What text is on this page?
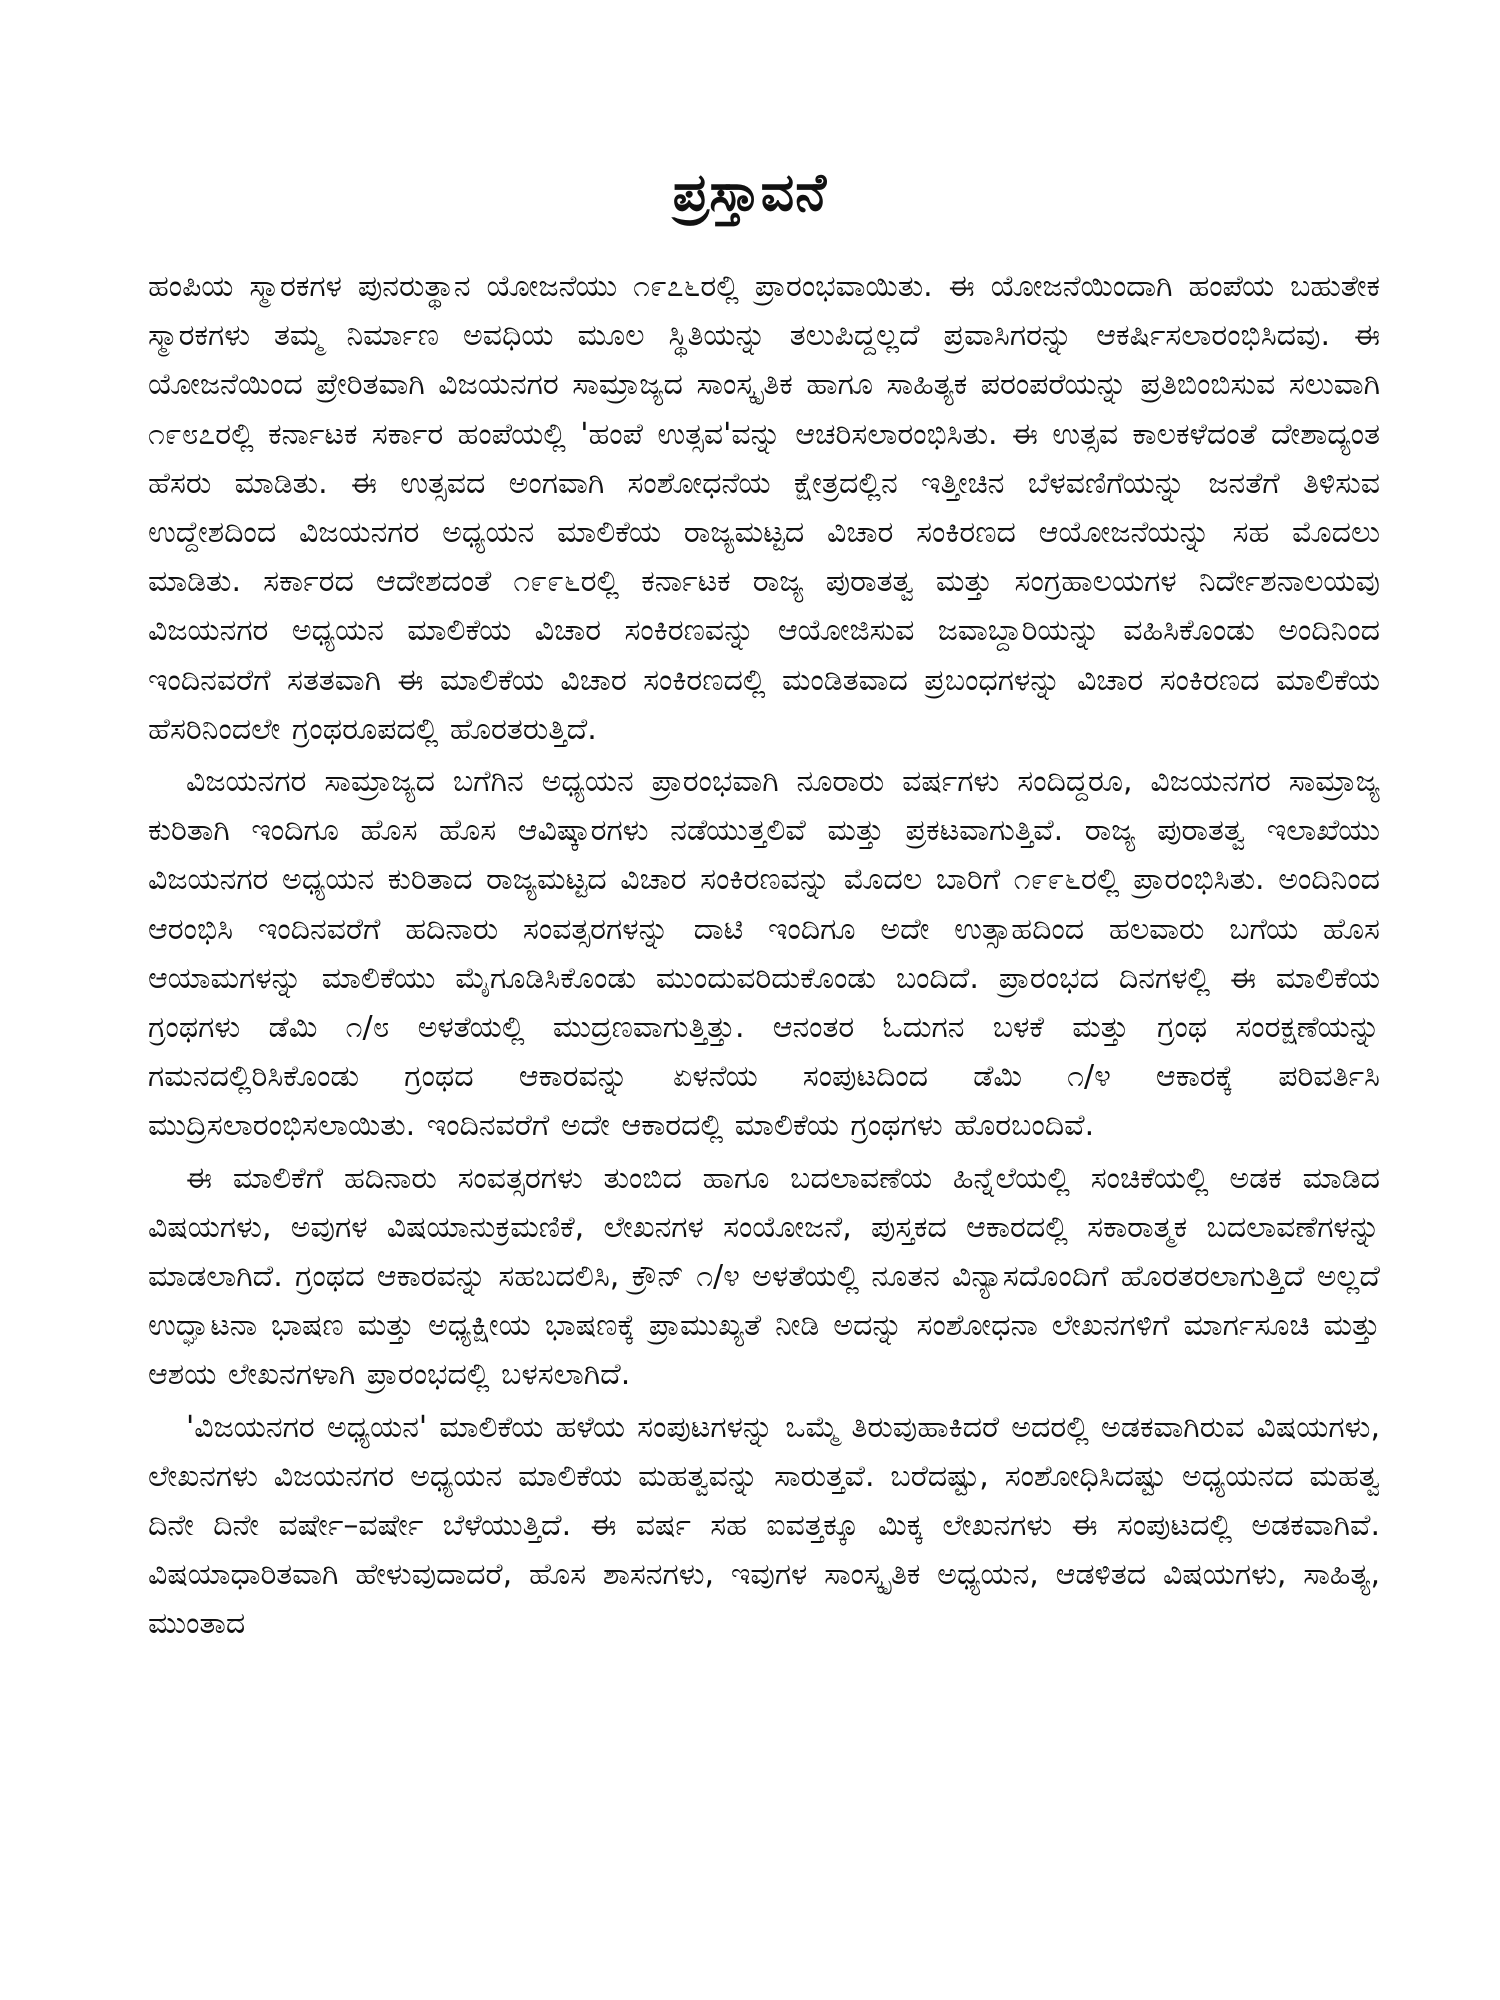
ಪ್ರಸ್ತಾವನೆ

ಹಂಪಿಯ ಸ್ಮಾರಕಗಳ ಪುನರುತ್ಥಾನ ಯೋಜನೆಯು ೧೯೭೬ರಲ್ಲಿ ಪ್ರಾರಂಭವಾಯಿತು. ಈ ಯೋಜನೆಯಿಂದಾಗಿ ಹಂಪೆಯ ಬಹುತೇಕ ಸ್ಮಾರಕಗಳು ತಮ್ಮ ನಿರ್ಮಾಣ ಅವಧಿಯ ಮೂಲ ಸ್ಥಿತಿಯನ್ನು ತಲುಪಿದ್ದಲ್ಲದೆ ಪ್ರವಾಸಿಗರನ್ನು ಆಕರ್ಷಿಸಲಾರಂಭಿಸಿದವು. ಈ ಯೋಜನೆಯಿಂದ ಪ್ರೇರಿತವಾಗಿ ವಿಜಯನಗರ ಸಾಮ್ರಾಜ್ಯದ ಸಾಂಸ್ಕೃತಿಕ ಹಾಗೂ ಸಾಹಿತ್ಯಕ ಪರಂಪರೆಯನ್ನು ಪ್ರತಿಬಿಂಬಿಸುವ ಸಲುವಾಗಿ ೧೯೮೭ರಲ್ಲಿ ಕರ್ನಾಟಕ ಸರ್ಕಾರ ಹಂಪೆಯಲ್ಲಿ 'ಹಂಪೆ ಉತ್ಸವ'ವನ್ನು ಆಚರಿಸಲಾರಂಭಿಸಿತು. ಈ ಉತ್ಸವ ಕಾಲಕಳೆದಂತೆ ದೇಶಾದ್ಯಂತ ಹೆಸರು ಮಾಡಿತು. ಈ ಉತ್ಸವದ ಅಂಗವಾಗಿ ಸಂಶೋಧನೆಯ ಕ್ಷೇತ್ರದಲ್ಲಿನ ಇತ್ತೀಚಿನ ಬೆಳವಣಿಗೆಯನ್ನು ಜನತೆಗೆ ತಿಳಿಸುವ ಉದ್ದೇಶದಿಂದ ವಿಜಯನಗರ ಅಧ್ಯಯನ ಮಾಲಿಕೆಯ ರಾಜ್ಯಮಟ್ಟದ ವಿಚಾರ ಸಂಕಿರಣದ ಆಯೋಜನೆಯನ್ನು ಸಹ ಮೊದಲು ಮಾಡಿತು. ಸರ್ಕಾರದ ಆದೇಶದಂತೆ ೧೯೯೬ರಲ್ಲಿ ಕರ್ನಾಟಕ ರಾಜ್ಯ ಪುರಾತತ್ವ ಮತ್ತು ಸಂಗ್ರಹಾಲಯಗಳ ನಿರ್ದೇಶನಾಲಯವು ವಿಜಯನಗರ ಅಧ್ಯಯನ ಮಾಲಿಕೆಯ ವಿಚಾರ ಸಂಕಿರಣವನ್ನು ಆಯೋಜಿಸುವ ಜವಾಬ್ದಾರಿಯನ್ನು ವಹಿಸಿಕೊಂಡು ಅಂದಿನಿಂದ ಇಂದಿನವರೆಗೆ ಸತತವಾಗಿ ಈ ಮಾಲಿಕೆಯ ವಿಚಾರ ಸಂಕಿರಣದಲ್ಲಿ ಮಂಡಿತವಾದ ಪ್ರಬಂಧಗಳನ್ನು ವಿಚಾರ ಸಂಕಿರಣದ ಮಾಲಿಕೆಯ ಹೆಸರಿನಿಂದಲೇ ಗ್ರಂಥರೂಪದಲ್ಲಿ ಹೊರತರುತ್ತಿದೆ.

ವಿಜಯನಗರ ಸಾಮ್ರಾಜ್ಯದ ಬಗೆಗಿನ ಅಧ್ಯಯನ ಪ್ರಾರಂಭವಾಗಿ ನೂರಾರು ವರ್ಷಗಳು ಸಂದಿದ್ದರೂ, ವಿಜಯನಗರ ಸಾಮ್ರಾಜ್ಯ ಕುರಿತಾಗಿ ಇಂದಿಗೂ ಹೊಸ ಹೊಸ ಆವಿಷ್ಕಾರಗಳು ನಡೆಯುತ್ತಲಿವೆ ಮತ್ತು ಪ್ರಕಟವಾಗುತ್ತಿವೆ. ರಾಜ್ಯ ಪುರಾತತ್ವ ಇಲಾಖೆಯು ವಿಜಯನಗರ ಅಧ್ಯಯನ ಕುರಿತಾದ ರಾಜ್ಯಮಟ್ಟದ ವಿಚಾರ ಸಂಕಿರಣವನ್ನು ಮೊದಲ ಬಾರಿಗೆ ೧೯೯೬ರಲ್ಲಿ ಪ್ರಾರಂಭಿಸಿತು. ಅಂದಿನಿಂದ ಆರಂಭಿಸಿ ಇಂದಿನವರೆಗೆ ಹದಿನಾರು ಸಂವತ್ಸರಗಳನ್ನು ದಾಟಿ ಇಂದಿಗೂ ಅದೇ ಉತ್ಸಾಹದಿಂದ ಹಲವಾರು ಬಗೆಯ ಹೊಸ ಆಯಾಮಗಳನ್ನು ಮಾಲಿಕೆಯು ಮೈಗೂಡಿಸಿಕೊಂಡು ಮುಂದುವರಿದುಕೊಂಡು ಬಂದಿದೆ. ಪ್ರಾರಂಭದ ದಿನಗಳಲ್ಲಿ ಈ ಮಾಲಿಕೆಯ ಗ್ರಂಥಗಳು ಡೆಮಿ ೧/೮ ಅಳತೆಯಲ್ಲಿ ಮುದ್ರಣವಾಗುತ್ತಿತ್ತು. ಆನಂತರ ಓದುಗನ ಬಳಕೆ ಮತ್ತು ಗ್ರಂಥ ಸಂರಕ್ಷಣೆಯನ್ನು ಗಮನದಲ್ಲಿರಿಸಿಕೊಂಡು ಗ್ರಂಥದ ಆಕಾರವನ್ನು ಏಳನೆಯ ಸಂಪುಟದಿಂದ ಡೆಮಿ ೧/೪ ಆಕಾರಕ್ಕೆ ಪರಿವರ್ತಿಸಿ ಮುದ್ರಿಸಲಾರಂಭಿಸಲಾಯಿತು. ಇಂದಿನವರೆಗೆ ಅದೇ ಆಕಾರದಲ್ಲಿ ಮಾಲಿಕೆಯ ಗ್ರಂಥಗಳು ಹೊರಬಂದಿವೆ.

ಈ ಮಾಲಿಕೆಗೆ ಹದಿನಾರು ಸಂವತ್ಸರಗಳು ತುಂಬಿದ ಹಾಗೂ ಬದಲಾವಣೆಯ ಹಿನ್ನೆಲೆಯಲ್ಲಿ ಸಂಚಿಕೆಯಲ್ಲಿ ಅಡಕ ಮಾಡಿದ ವಿಷಯಗಳು, ಅವುಗಳ ವಿಷಯಾನುಕ್ರಮಣಿಕೆ, ಲೇಖನಗಳ ಸಂಯೋಜನೆ, ಪುಸ್ತಕದ ಆಕಾರದಲ್ಲಿ ಸಕಾರಾತ್ಮಕ ಬದಲಾವಣೆಗಳನ್ನು ಮಾಡಲಾಗಿದೆ. ಗ್ರಂಥದ ಆಕಾರವನ್ನು ಸಹಬದಲಿಸಿ, ಕ್ರೌನ್ ೧/೪ ಅಳತೆಯಲ್ಲಿ ನೂತನ ವಿನ್ಯಾಸದೊಂದಿಗೆ ಹೊರತರಲಾಗುತ್ತಿದೆ ಅಲ್ಲದೆ ಉದ್ಘಾಟನಾ ಭಾಷಣ ಮತ್ತು ಅಧ್ಯಕ್ಷೀಯ ಭಾಷಣಕ್ಕೆ ಪ್ರಾಮುಖ್ಯತೆ ನೀಡಿ ಅದನ್ನು ಸಂಶೋಧನಾ ಲೇಖನಗಳಿಗೆ ಮಾರ್ಗಸೂಚಿ ಮತ್ತು ಆಶಯ ಲೇಖನಗಳಾಗಿ ಪ್ರಾರಂಭದಲ್ಲಿ ಬಳಸಲಾಗಿದೆ.

'ವಿಜಯನಗರ ಅಧ್ಯಯನ' ಮಾಲಿಕೆಯ ಹಳೆಯ ಸಂಪುಟಗಳನ್ನು ಒಮ್ಮೆ ತಿರುವುಹಾಕಿದರೆ ಅದರಲ್ಲಿ ಅಡಕವಾಗಿರುವ ವಿಷಯಗಳು, ಲೇಖನಗಳು ವಿಜಯನಗರ ಅಧ್ಯಯನ ಮಾಲಿಕೆಯ ಮಹತ್ವವನ್ನು ಸಾರುತ್ತವೆ. ಬರೆದಷ್ಟು, ಸಂಶೋಧಿಸಿದಷ್ಟು ಅಧ್ಯಯನದ ಮಹತ್ವ ದಿನೇ ದಿನೇ ವರ್ಷೇ–ವರ್ಷೇ ಬೆಳೆಯುತ್ತಿದೆ. ಈ ವರ್ಷ ಸಹ ಐವತ್ತಕ್ಕೂ ಮಿಕ್ಕ ಲೇಖನಗಳು ಈ ಸಂಪುಟದಲ್ಲಿ ಅಡಕವಾಗಿವೆ. ವಿಷಯಾಧಾರಿತವಾಗಿ ಹೇಳುವುದಾದರೆ, ಹೊಸ ಶಾಸನಗಳು, ಇವುಗಳ ಸಾಂಸ್ಕೃತಿಕ ಅಧ್ಯಯನ, ಆಡಳಿತದ ವಿಷಯಗಳು, ಸಾಹಿತ್ಯ, ಮುಂತಾದ
